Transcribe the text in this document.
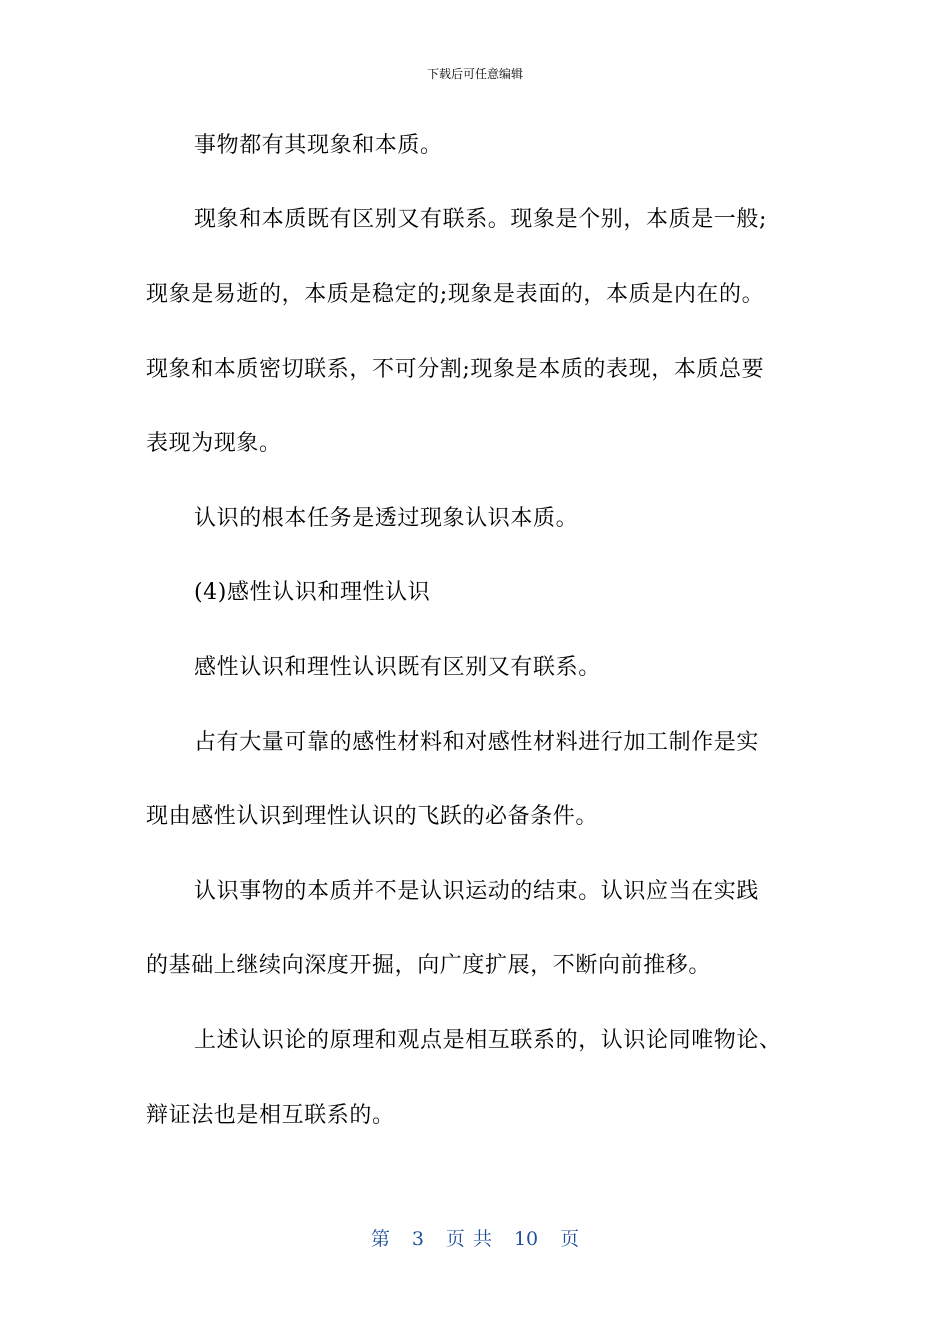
下载后可任意编辑
事物都有其现象和本质。
现象和本质既有区别又有联系。现象是个别，本质是一般;
现象是易逝的，本质是稳定的;现象是表面的，本质是内在的。
现象和本质密切联系，不可分割;现象是本质的表现，本质总要
表现为现象。
认识的根本任务是透过现象认识本质。
(4)感性认识和理性认识
感性认识和理性认识既有区别又有联系。
占有大量可靠的感性材料和对感性材料进行加工制作是实
现由感性认识到理性认识的飞跃的必备条件。
认识事物的本质并不是认识运动的结束。认识应当在实践
的基础上继续向深度开掘，向广度扩展，不断向前推移。
上述认识论的原理和观点是相互联系的，认识论同唯物论、
辩证法也是相互联系的。
第 3 页 共 10 页
